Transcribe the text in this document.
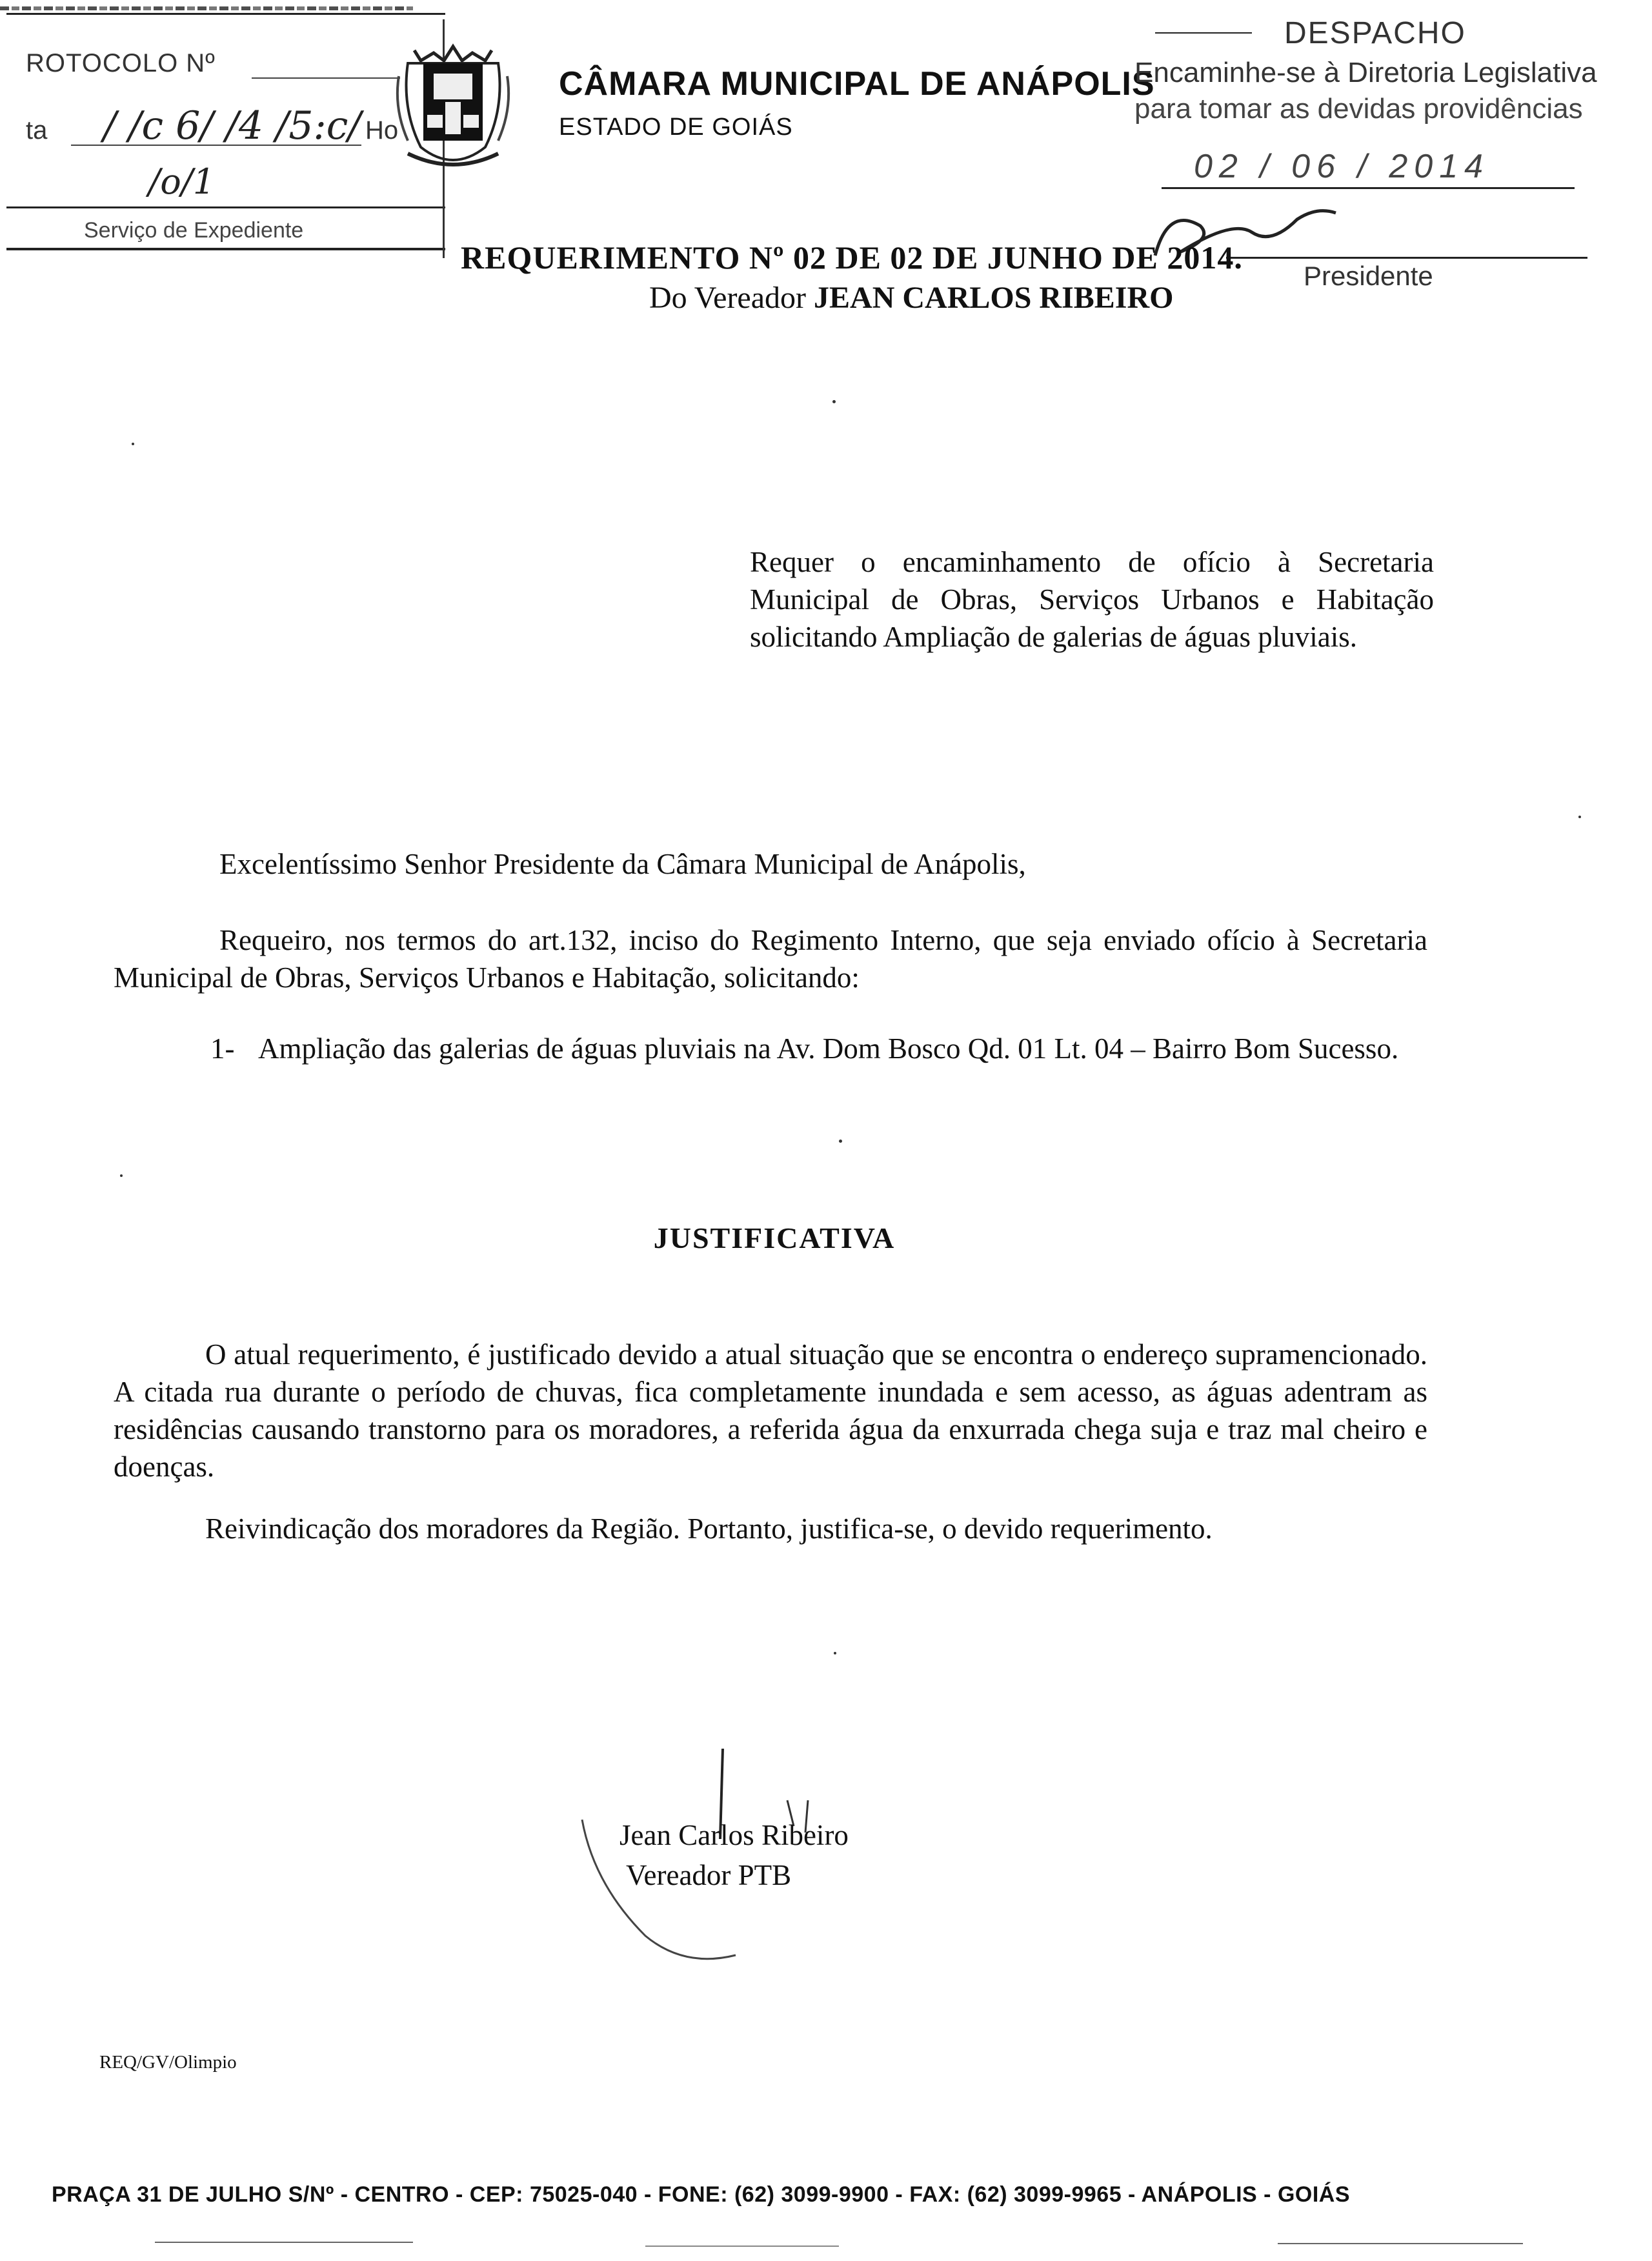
ROTOCOLO Nº
ta	Ho
/ /c 6/ /4 /5:c/
/o/1
Serviço de Expediente
CÂMARA MUNICIPAL DE ANÁPOLIS
ESTADO DE GOIÁS
DESPACHO
Encaminhe-se à Diretoria Legislativa
para tomar as devidas providências
02 / 06 / 2014
Presidente
REQUERIMENTO Nº 02 DE 02 DE JUNHO DE 2014.
Do Vereador JEAN CARLOS RIBEIRO
Requer o encaminhamento de ofício à Secretaria Municipal de Obras, Serviços Urbanos e Habitação solicitando Ampliação de galerias de águas pluviais.
Excelentíssimo Senhor Presidente da Câmara Municipal de Anápolis,
Requeiro, nos termos do art.132, inciso do Regimento Interno, que seja enviado ofício à Secretaria Municipal de Obras, Serviços Urbanos e Habitação, solicitando:
1- Ampliação das galerias de águas pluviais na Av. Dom Bosco Qd. 01 Lt. 04 – Bairro Bom Sucesso.
JUSTIFICATIVA
O atual requerimento, é justificado devido a atual situação que se encontra o endereço supramencionado. A citada rua durante o período de chuvas, fica completamente inundada e sem acesso, as águas adentram as residências causando transtorno para os moradores, a referida água da enxurrada chega suja e traz mal cheiro e doenças.
Reivindicação dos moradores da Região. Portanto, justifica-se, o devido requerimento.
Jean Carlos Ribeiro
Vereador PTB
REQ/GV/Olimpio
PRAÇA 31 DE JULHO S/Nº - CENTRO - CEP: 75025-040 - FONE: (62) 3099-9900 - FAX: (62) 3099-9965 - ANÁPOLIS - GOIÁS
